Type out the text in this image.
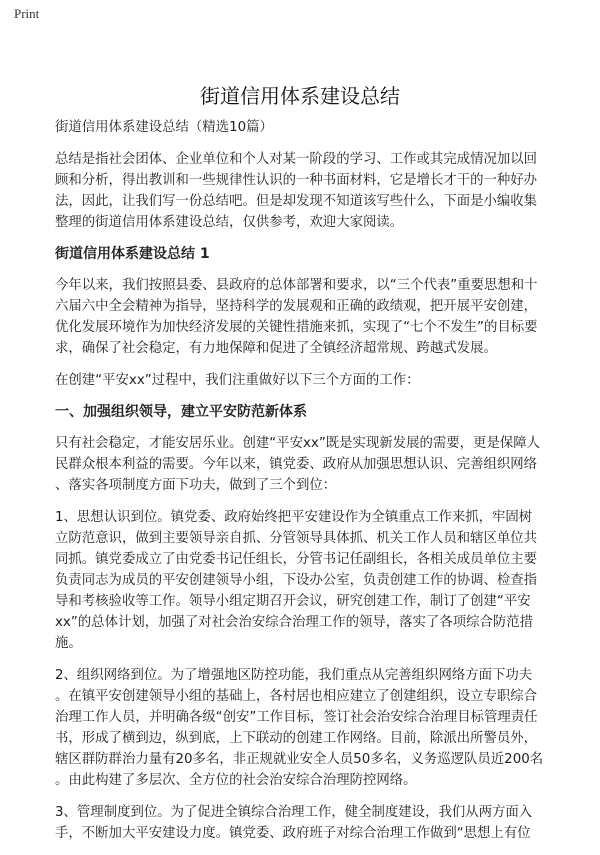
Print
街道信用体系建设总结
街道信用体系建设总结（精选10篇）
总结是指社会团体、企业单位和个人对某一阶段的学习、工作或其完成情况加以回
顾和分析，得出教训和一些规律性认识的一种书面材料，它是增长才干的一种好办
法，因此，让我们写一份总结吧。但是却发现不知道该写些什么，下面是小编收集
整理的街道信用体系建设总结，仅供参考，欢迎大家阅读。
街道信用体系建设总结 1
今年以来，我们按照县委、县政府的总体部署和要求，以“三个代表”重要思想和十
六届六中全会精神为指导，坚持科学的发展观和正确的政绩观，把开展平安创建，
优化发展环境作为加快经济发展的关键性措施来抓，实现了“七个不发生”的目标要
求，确保了社会稳定，有力地保障和促进了全镇经济超常规、跨越式发展。
在创建“平安xx”过程中，我们注重做好以下三个方面的工作：
一、加强组织领导，建立平安防范新体系
只有社会稳定，才能安居乐业。创建“平安xx”既是实现新发展的需要，更是保障人
民群众根本利益的需要。今年以来，镇党委、政府从加强思想认识、完善组织网络
、落实各项制度方面下功夫，做到了三个到位：
1、思想认识到位。镇党委、政府始终把平安建设作为全镇重点工作来抓，牢固树
立防范意识，做到主要领导亲自抓、分管领导具体抓、机关工作人员和辖区单位共
同抓。镇党委成立了由党委书记任组长，分管书记任副组长，各相关成员单位主要
负责同志为成员的平安创建领导小组，下设办公室，负责创建工作的协调、检查指
导和考核验收等工作。领导小组定期召开会议，研究创建工作，制订了创建“平安
xx”的总体计划，加强了对社会治安综合治理工作的领导，落实了各项综合防范措
施。
2、组织网络到位。为了增强地区防控功能，我们重点从完善组织网络方面下功夫
。在镇平安创建领导小组的基础上，各村居也相应建立了创建组织，设立专职综合
治理工作人员，并明确各级“创安”工作目标，签订社会治安综合治理目标管理责任
书，形成了横到边，纵到底，上下联动的创建工作网络。目前，除派出所警员外，
辖区群防群治力量有20多名，非正规就业安全人员50多名，义务巡逻队员近200名
。由此构建了多层次、全方位的社会治安综合治理防控网络。
3、管理制度到位。为了促进全镇综合治理工作，健全制度建设，我们从两方面入
手，不断加大平安建设力度。镇党委、政府班子对综合治理工作做到“思想上有位
